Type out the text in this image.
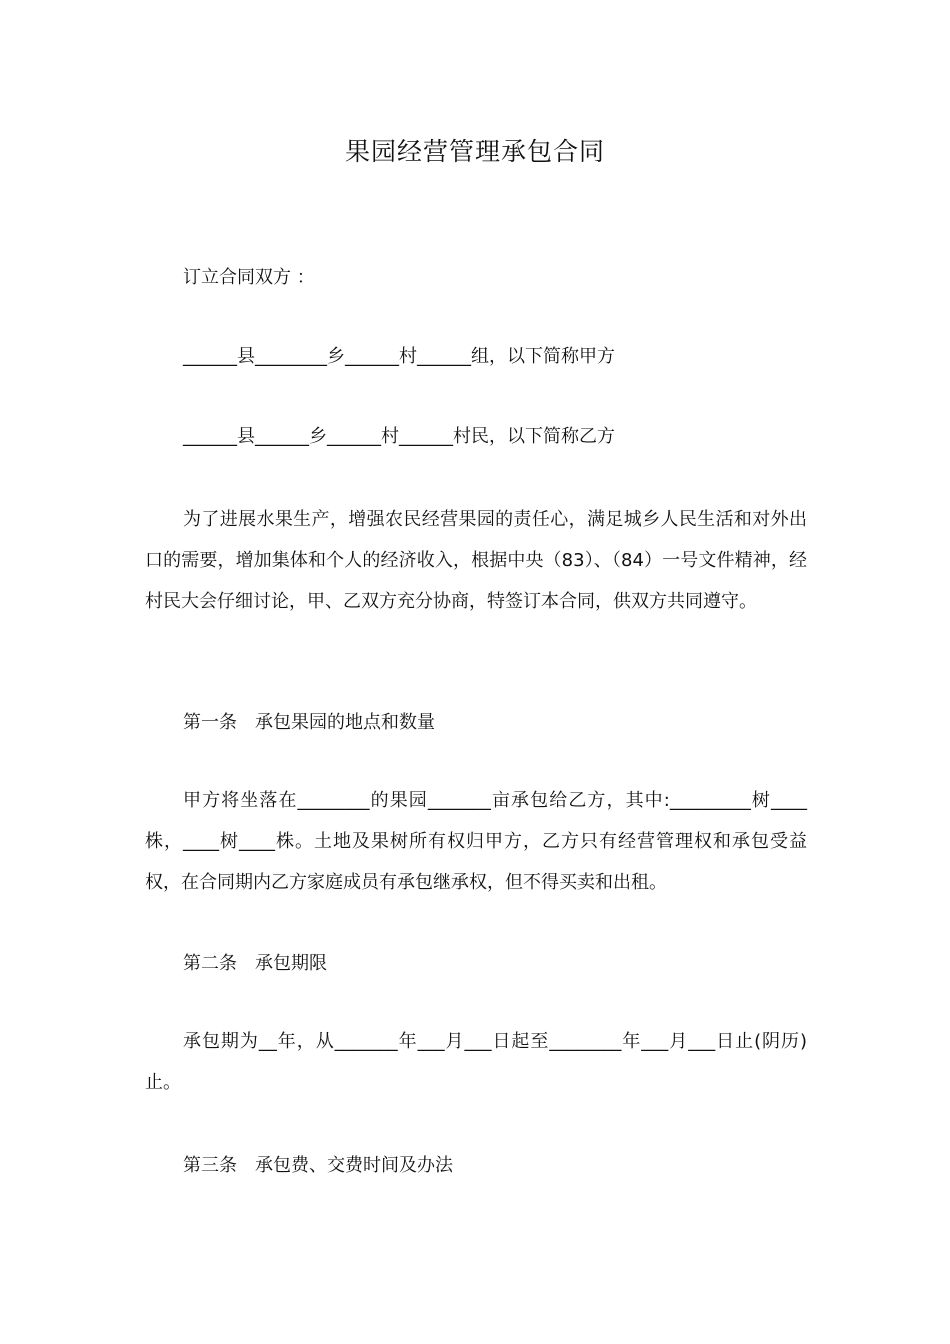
果园经营管理承包合同
订立合同双方 ：
______县________乡______村______组，以下简称甲方
______县______乡______村______村民，以下简称乙方
为了进展水果生产，增强农民经营果园的责任心，满足城乡人民生活和对外出口的需要，增加集体和个人的经济收入，根据中央（83）、（84）一号文件精神，经村民大会仔细讨论，甲、乙双方充分协商，特签订本合同，供双方共同遵守。
第一条　承包果园的地点和数量
甲方将坐落在________的果园_______亩承包给乙方，其中:_________树____株，____树____株。土地及果树所有权归甲方，乙方只有经营管理权和承包受益权，在合同期内乙方家庭成员有承包继承权，但不得买卖和出租。
第二条　承包期限
承包期为__年，从_______年___月___日起至________年___月___日止(阴历)止。
第三条　承包费、交费时间及办法
